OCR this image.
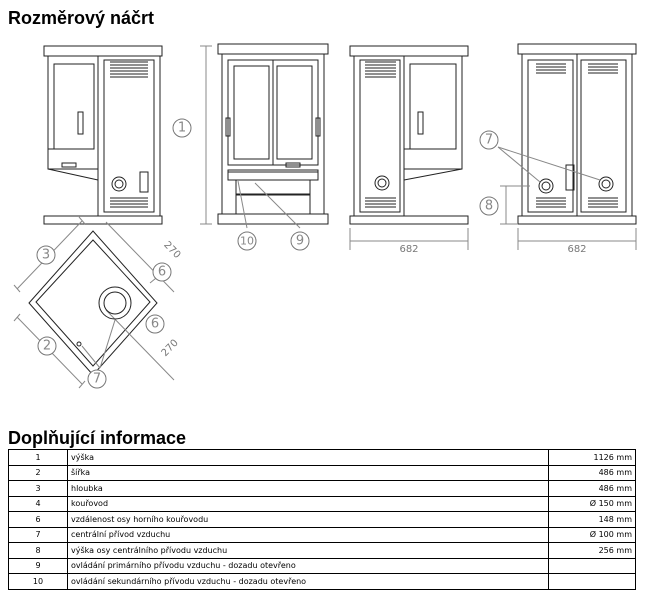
Rozměrový náčrt
1
2
3
6
6
7
7
8
9
10
682	682
270
270
Doplňující informace
1	výška	1126 mm
2	šířka	486 mm
3	hloubka	486 mm
4	kouřovod	Ø 150 mm
6	vzdálenost osy horního kouřovodu	148 mm
7	centrální přívod vzduchu	Ø 100 mm
8	výška osy centrálního přívodu vzduchu	256 mm
9	ovládání primárního přívodu vzduchu - dozadu otevřeno	
10	ovládání sekundárního přívodu vzduchu - dozadu otevřeno	
